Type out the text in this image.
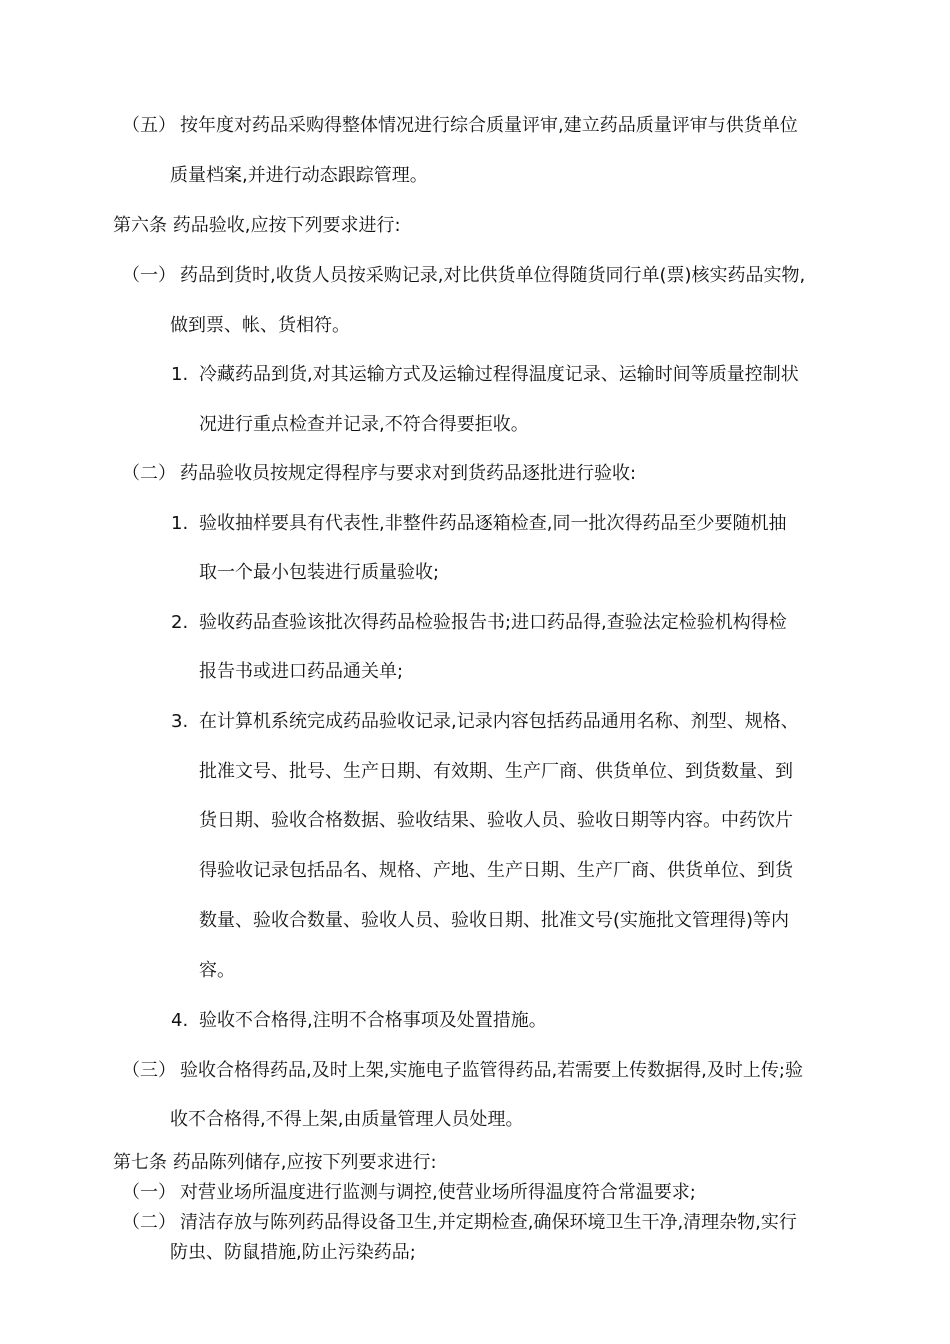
（五） 按年度对药品采购得整体情况进行综合质量评审,建立药品质量评审与供货单位
质量档案,并进行动态跟踪管理。
第六条 药品验收,应按下列要求进行:
（一） 药品到货时,收货人员按采购记录,对比供货单位得随货同行单(票)核实药品实物,
做到票、帐、货相符。
1. 冷藏药品到货,对其运输方式及运输过程得温度记录、运输时间等质量控制状
况进行重点检查并记录,不符合得要拒收。
（二） 药品验收员按规定得程序与要求对到货药品逐批进行验收:
1. 验收抽样要具有代表性,非整件药品逐箱检查,同一批次得药品至少要随机抽
取一个最小包装进行质量验收;
2. 验收药品查验该批次得药品检验报告书;进口药品得,查验法定检验机构得检
报告书或进口药品通关单;
3. 在计算机系统完成药品验收记录,记录内容包括药品通用名称、剂型、规格、
批准文号、批号、生产日期、有效期、生产厂商、供货单位、到货数量、到
货日期、验收合格数据、验收结果、验收人员、验收日期等内容。中药饮片
得验收记录包括品名、规格、产地、生产日期、生产厂商、供货单位、到货
数量、验收合数量、验收人员、验收日期、批准文号(实施批文管理得)等内
容。
4. 验收不合格得,注明不合格事项及处置措施。
（三） 验收合格得药品,及时上架,实施电子监管得药品,若需要上传数据得,及时上传;验
收不合格得,不得上架,由质量管理人员处理。
第七条 药品陈列储存,应按下列要求进行:
（一） 对营业场所温度进行监测与调控,使营业场所得温度符合常温要求;
（二） 清洁存放与陈列药品得设备卫生,并定期检查,确保环境卫生干净,清理杂物,实行
防虫、防鼠措施,防止污染药品;
